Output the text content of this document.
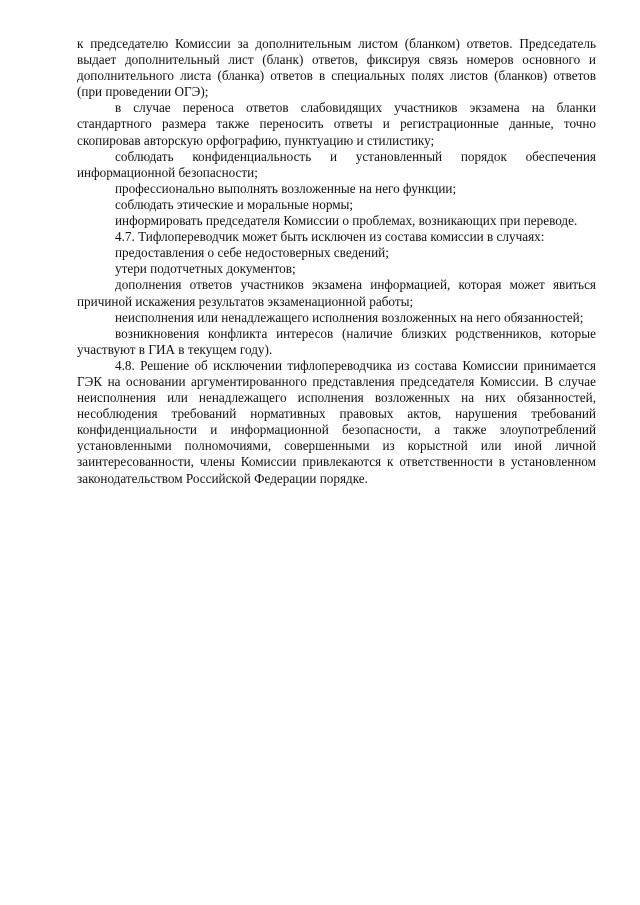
к председателю Комиссии за дополнительным листом (бланком) ответов. Председатель выдает дополнительный лист (бланк) ответов, фиксируя связь номеров основного и дополнительного листа (бланка) ответов в специальных полях листов (бланков) ответов (при проведении ОГЭ);

в случае переноса ответов слабовидящих участников экзамена на бланки стандартного размера также переносить ответы и регистрационные данные, точно скопировав авторскую орфографию, пунктуацию и стилистику;

соблюдать конфиденциальность и установленный порядок обеспечения информационной безопасности;

профессионально выполнять возложенные на него функции;

соблюдать этические и моральные нормы;

информировать председателя Комиссии о проблемах, возникающих при переводе.

4.7. Тифлопереводчик может быть исключен из состава комиссии в случаях:

предоставления о себе недостоверных сведений;

утери подотчетных документов;

дополнения ответов участников экзамена информацией, которая может явиться причиной искажения результатов экзаменационной работы;

неисполнения или ненадлежащего исполнения возложенных на него обязанностей;

возникновения конфликта интересов (наличие близких родственников, которые участвуют в ГИА в текущем году).

4.8. Решение об исключении тифлопереводчика из состава Комиссии принимается ГЭК на основании аргументированного представления председателя Комиссии. В случае неисполнения или ненадлежащего исполнения возложенных на них обязанностей, несоблюдения требований нормативных правовых актов, нарушения требований конфиденциальности и информационной безопасности, а также злоупотреблений установленными полномочиями, совершенными из корыстной или иной личной заинтересованности, члены Комиссии привлекаются к ответственности в установленном законодательством Российской Федерации порядке.
